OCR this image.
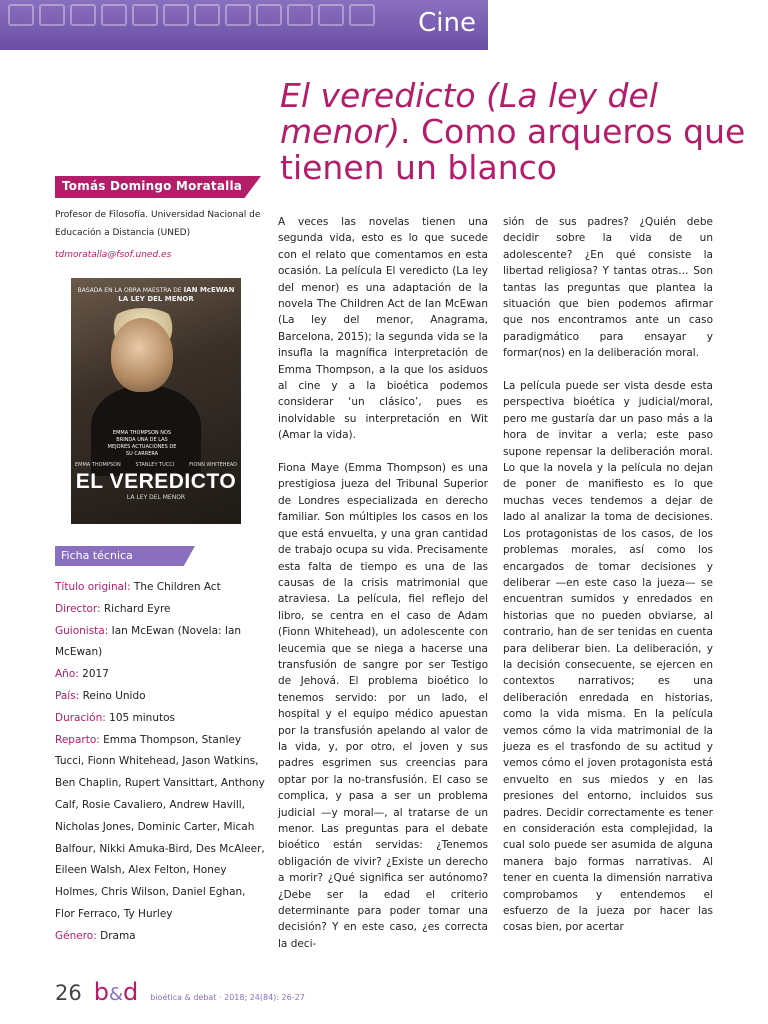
Cine
El veredicto (La ley del menor). Como arqueros que tienen un blanco
Tomás Domingo Moratalla
Profesor de Filosofía. Universidad Nacional de Educación a Distancia (UNED)
tdmoratalla@fsof.uned.es
BASADA EN LA OBRA MAESTRA DE IAN McEWAN
LA LEY DEL MENOR
EMMA THOMPSON NOS BRINDA UNA DE LAS MEJORES ACTUACIONES DE SU CARRERA
EMMA THOMPSON	STANLEY TUCCI	FIONN WHITEHEAD
EL VEREDICTO
LA LEY DEL MENOR
Ficha técnica
Título original: The Children Act
Director: Richard Eyre
Guionista: Ian McEwan (Novela: Ian McEwan)
Año: 2017
País: Reino Unido
Duración: 105 minutos
Reparto: Emma Thompson, Stanley Tucci, Fionn Whitehead, Jason Watkins, Ben Chaplin, Rupert Vansittart, Anthony Calf, Rosie Cavaliero, Andrew Havill, Nicholas Jones, Dominic Carter, Micah Balfour, Nikki Amuka-Bird, Des McAleer, Eileen Walsh, Alex Felton, Honey Holmes, Chris Wilson, Daniel Eghan, Flor Ferraco, Ty Hurley
Género: Drama

A veces las novelas tienen una segunda vida, esto es lo que sucede con el relato que comentamos en esta ocasión. La película El veredicto (La ley del menor) es una adaptación de la novela The Children Act de Ian McEwan (La ley del menor, Anagrama, Barcelona, 2015); la segunda vida se la insufla la magnífica interpretación de Emma Thompson, a la que los asiduos al cine y a la bioética podemos considerar ‘un clásico’, pues es inolvidable su interpretación en Wit (Amar la vida).

Fiona Maye (Emma Thompson) es una prestigiosa jueza del Tribunal Superior de Londres especializada en derecho familiar. Son múltiples los casos en los que está envuelta, y una gran cantidad de trabajo ocupa su vida. Precisamente esta falta de tiempo es una de las causas de la crisis matrimonial que atraviesa. La película, fiel reflejo del libro, se centra en el caso de Adam (Fionn Whitehead), un adolescente con leucemia que se niega a hacerse una transfusión de sangre por ser Testigo de Jehová. El problema bioético lo tenemos servido: por un lado, el hospital y el equipo médico apuestan por la transfusión apelando al valor de la vida, y, por otro, el joven y sus padres esgrimen sus creencias para optar por la no-transfusión. El caso se complica, y pasa a ser un problema judicial —y moral—, al tratarse de un menor. Las preguntas para el debate bioético están servidas: ¿Tenemos obligación de vivir? ¿Existe un derecho a morir? ¿Qué significa ser autónomo? ¿Debe ser la edad el criterio determinante para poder tomar una decisión? Y en este caso, ¿es correcta la deci-

sión de sus padres? ¿Quién debe decidir sobre la vida de un adolescente? ¿En qué consiste la libertad religiosa? Y tantas otras… Son tantas las preguntas que plantea la situación que bien podemos afirmar que nos encontramos ante un caso paradigmático para ensayar y formar(nos) en la deliberación moral.

La película puede ser vista desde esta perspectiva bioética y judicial/moral, pero me gustaría dar un paso más a la hora de invitar a verla; este paso supone repensar la deliberación moral. Lo que la novela y la película no dejan de poner de manifiesto es lo que muchas veces tendemos a dejar de lado al analizar la toma de decisiones. Los protagonistas de los casos, de los problemas morales, así como los encargados de tomar decisiones y deliberar —en este caso la jueza— se encuentran sumidos y enredados en historias que no pueden obviarse, al contrario, han de ser tenidas en cuenta para deliberar bien. La deliberación, y la decisión consecuente, se ejercen en contextos narrativos; es una deliberación enredada en historias, como la vida misma. En la película vemos cómo la vida matrimonial de la jueza es el trasfondo de su actitud y vemos cómo el joven protagonista está envuelto en sus miedos y en las presiones del entorno, incluidos sus padres. Decidir correctamente es tener en consideración esta complejidad, la cual solo puede ser asumida de alguna manera bajo formas narrativas. Al tener en cuenta la dimensión narrativa comprobamos y entendemos el esfuerzo de la jueza por hacer las cosas bien, por acertar

26 b&d bioética & debat · 2018; 24(84): 26-27
